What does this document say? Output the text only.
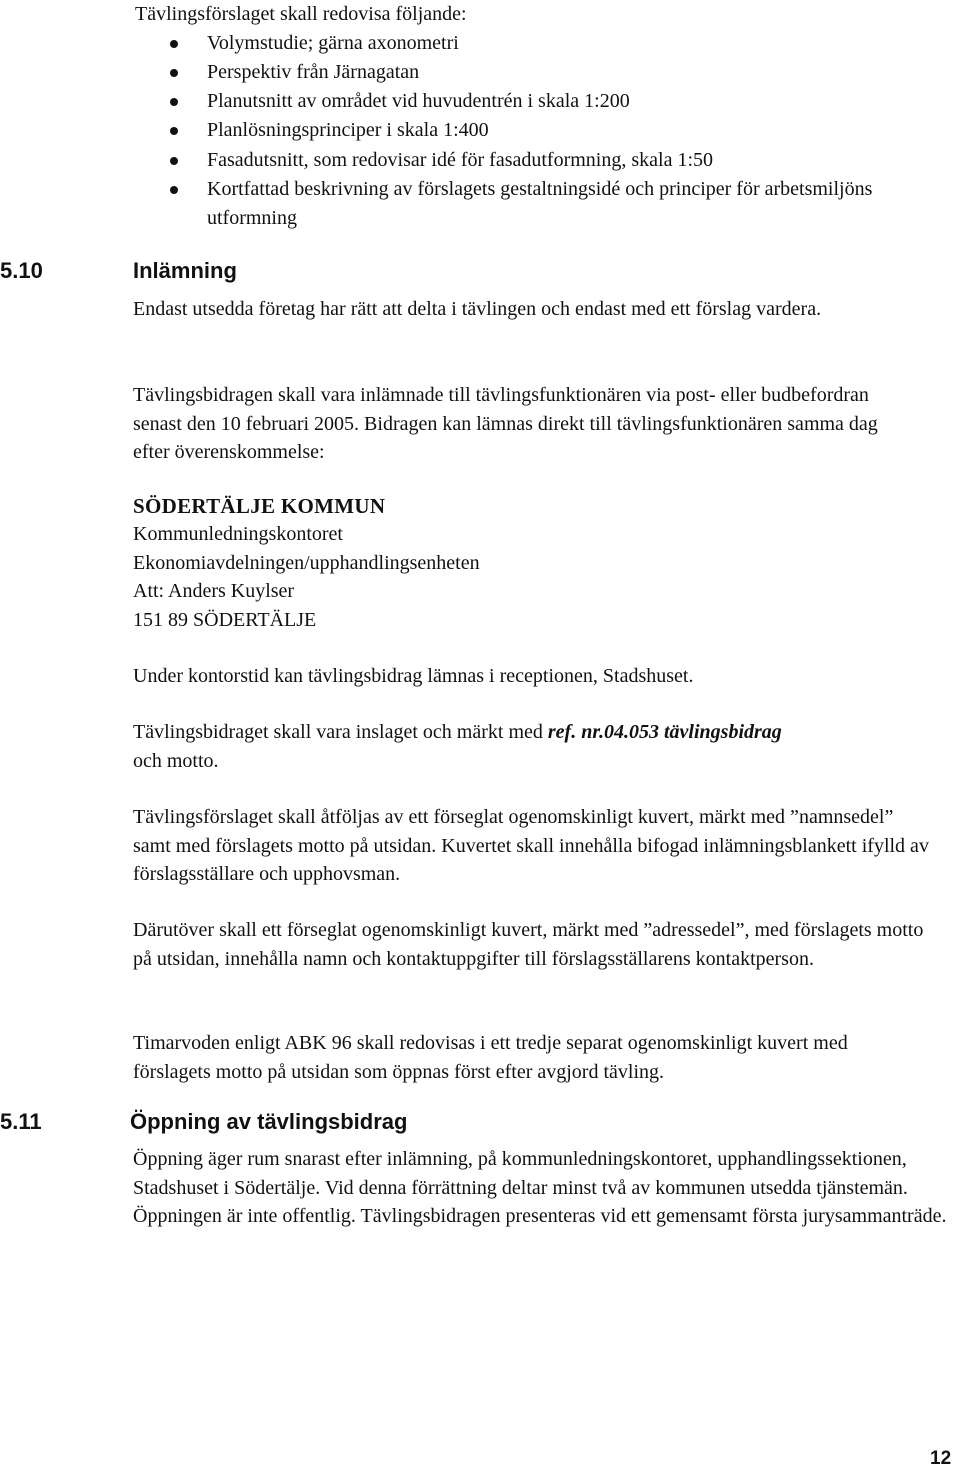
Tävlingsförslaget skall redovisa följande:
Volymstudie; gärna axonometri
Perspektiv från Järnagatan
Planutsnitt av området vid huvudentrén i skala 1:200
Planlösningsprinciper i skala 1:400
Fasadutsnitt, som redovisar idé för fasadutformning, skala 1:50
Kortfattad beskrivning av förslagets gestaltningsidé och principer för arbetsmiljöns utformning
5.10	Inlämning
Endast utsedda företag har rätt att delta i tävlingen och endast med ett förslag vardera.
Tävlingsbidragen skall vara inlämnade till tävlingsfunktionären via post- eller budbefordran senast den 10 februari 2005. Bidragen kan lämnas direkt till tävlingsfunktionären samma dag efter överenskommelse:
SÖDERTÄLJE KOMMUN
Kommunledningskontoret
Ekonomiavdelningen/upphandlingsenheten
Att: Anders Kuylser
151 89 SÖDERTÄLJE
Under kontorstid kan tävlingsbidrag lämnas i receptionen, Stadshuset.
Tävlingsbidraget skall vara inslaget och märkt med ref. nr.04.053 tävlingsbidrag
och motto.
Tävlingsförslaget skall åtföljas av ett förseglat ogenomskinligt kuvert, märkt med ”namnsedel” samt med förslagets motto på utsidan. Kuvertet skall innehålla bifogad inlämningsblankett ifylld av förslagsställare och upphovsman.
Därutöver skall ett förseglat ogenomskinligt kuvert, märkt med ”adressedel”, med förslagets motto på utsidan, innehålla namn och kontaktuppgifter till förslagsställarens kontaktperson.
Timarvoden enligt ABK 96 skall redovisas i ett tredje separat ogenomskinligt kuvert med förslagets motto på utsidan som öppnas först efter avgjord tävling.
5.11	Öppning av tävlingsbidrag
Öppning äger rum snarast efter inlämning, på kommunledningskontoret, upphandlingssektionen, Stadshuset i Södertälje. Vid denna förrättning deltar minst två av kommunen utsedda tjänstemän. Öppningen är inte offentlig. Tävlingsbidragen presenteras vid ett gemensamt första jurysammanträde.
12
